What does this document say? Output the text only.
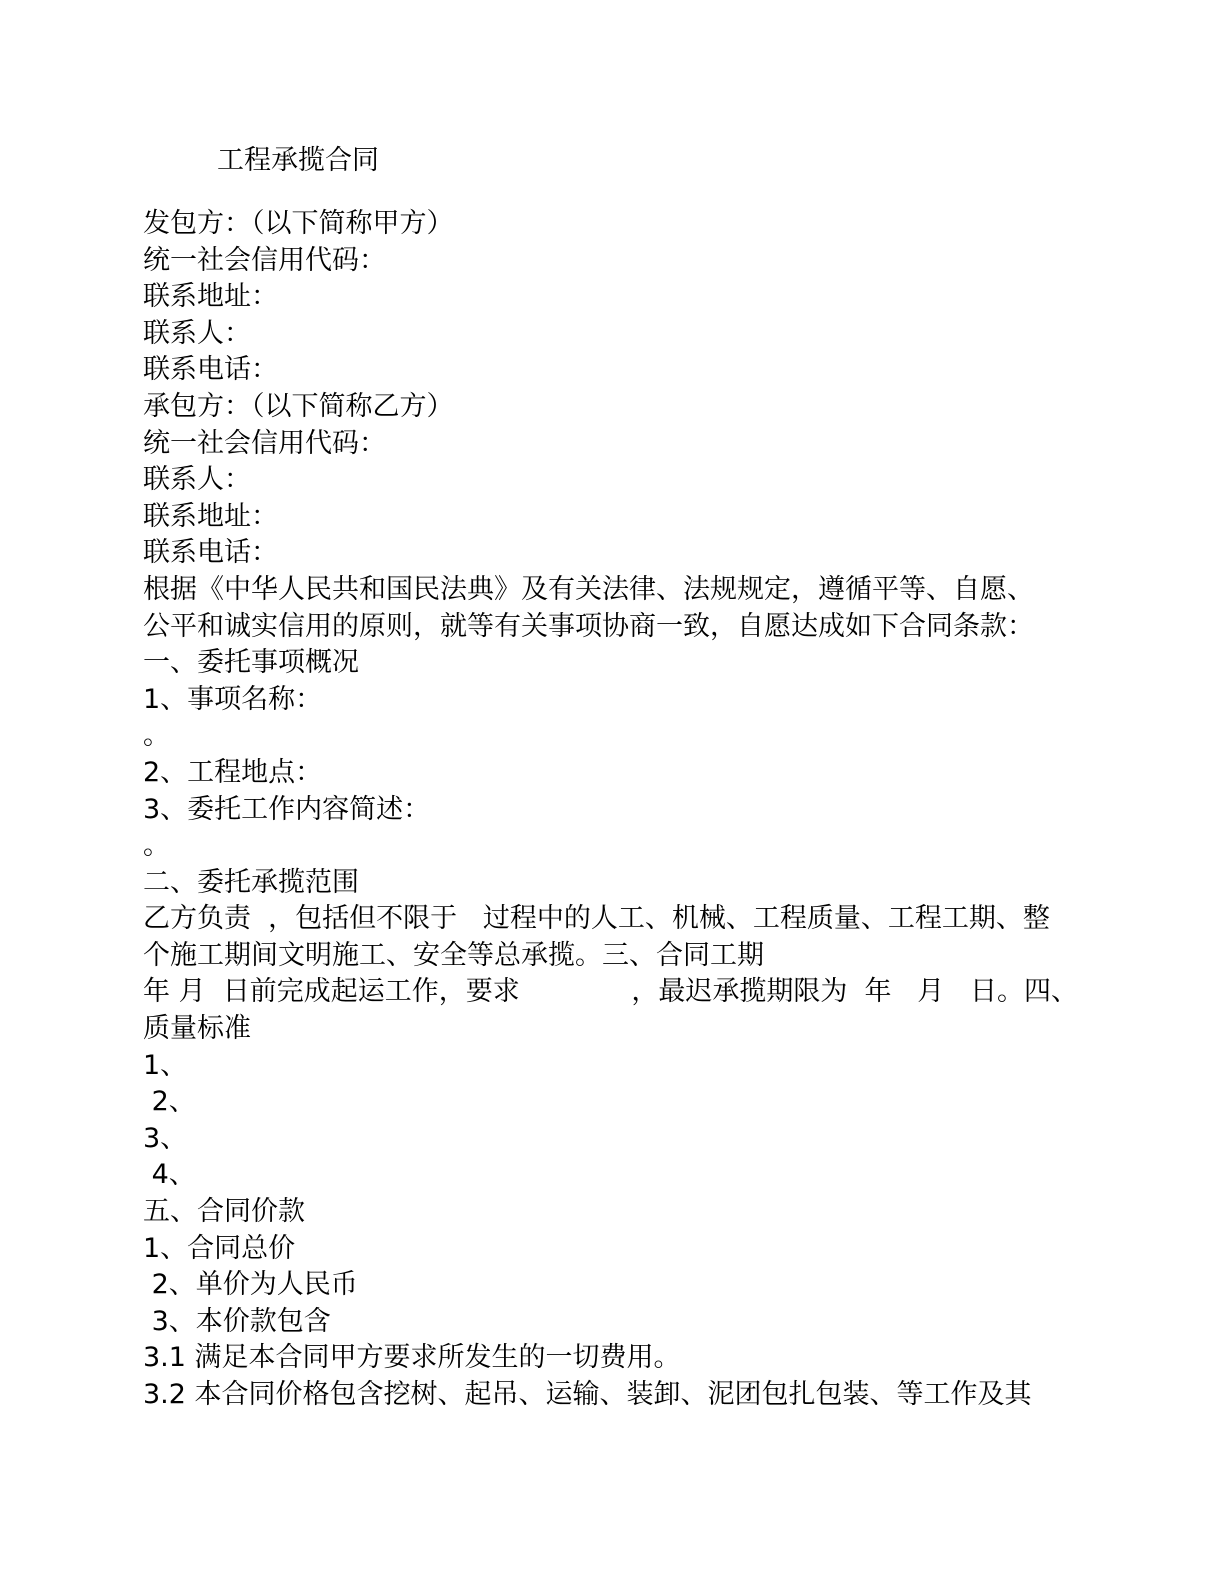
工程承揽合同
发包方：（以下简称甲方）
统一社会信用代码：
联系地址：
联系人：
联系电话：
承包方：（以下简称乙方）
统一社会信用代码：
联系人：
联系地址：
联系电话：
根据《中华人民共和国民法典》及有关法律、法规规定，遵循平等、自愿、
公平和诚实信用的原则，就等有关事项协商一致，自愿达成如下合同条款：
一、委托事项概况
1、事项名称：
。
2、工程地点：
3、委托工作内容简述：
。
二、委托承揽范围
乙方负责  ，包括但不限于   过程中的人工、机械、工程质量、工程工期、整
个施工期间文明施工、安全等总承揽。三、合同工期
年 月  日前完成起运工作，要求             ，最迟承揽期限为  年   月   日。四、
质量标准
1、
2、
3、
4、
五、合同价款
1、合同总价
2、单价为人民币
3、本价款包含
3.1 满足本合同甲方要求所发生的一切费用。
3.2 本合同价格包含挖树、起吊、运输、装卸、泥团包扎包装、等工作及其
